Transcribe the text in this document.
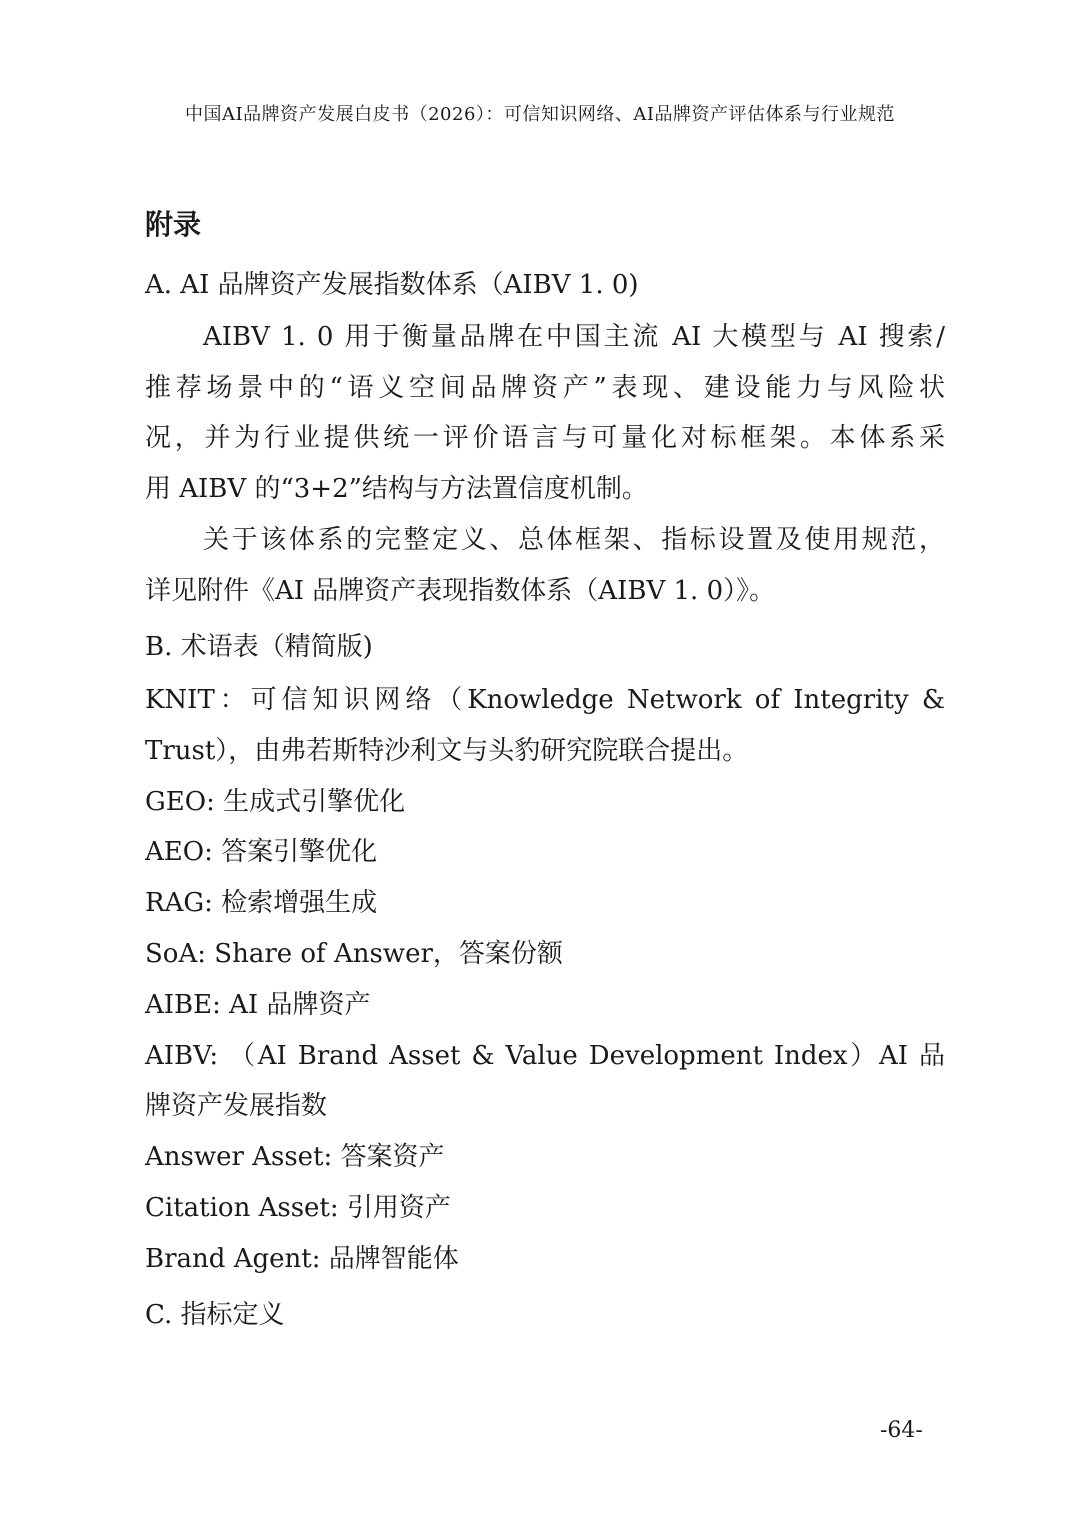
中国AI品牌资产发展白皮书（2026）：可信知识网络、AI品牌资产评估体系与行业规范
附录
A. AI 品牌资产发展指数体系（AIBV 1. 0)
AIBV 1. 0 用于衡量品牌在中国主流 AI 大模型与 AI 搜索/
推荐场景中的“语义空间品牌资产”表现、建设能力与风险状
况，并为行业提供统一评价语言与可量化对标框架。本体系采
用 AIBV 的“3+2”结构与方法置信度机制。
关于该体系的完整定义、总体框架、指标设置及使用规范，
详见附件《AI 品牌资产表现指数体系（AIBV 1. 0）》。
B. 术语表（精简版)
KNIT：可信知识网络（Knowledge Network of Integrity &
Trust），由弗若斯特沙利文与头豹研究院联合提出。
GEO: 生成式引擎优化
AEO: 答案引擎优化
RAG: 检索增强生成
SoA: Share of Answer，答案份额
AIBE: AI 品牌资产
AIBV: （AI Brand Asset & Value Development Index）AI 品
牌资产发展指数
Answer Asset: 答案资产
Citation Asset: 引用资产
Brand Agent: 品牌智能体
C. 指标定义
-64-
